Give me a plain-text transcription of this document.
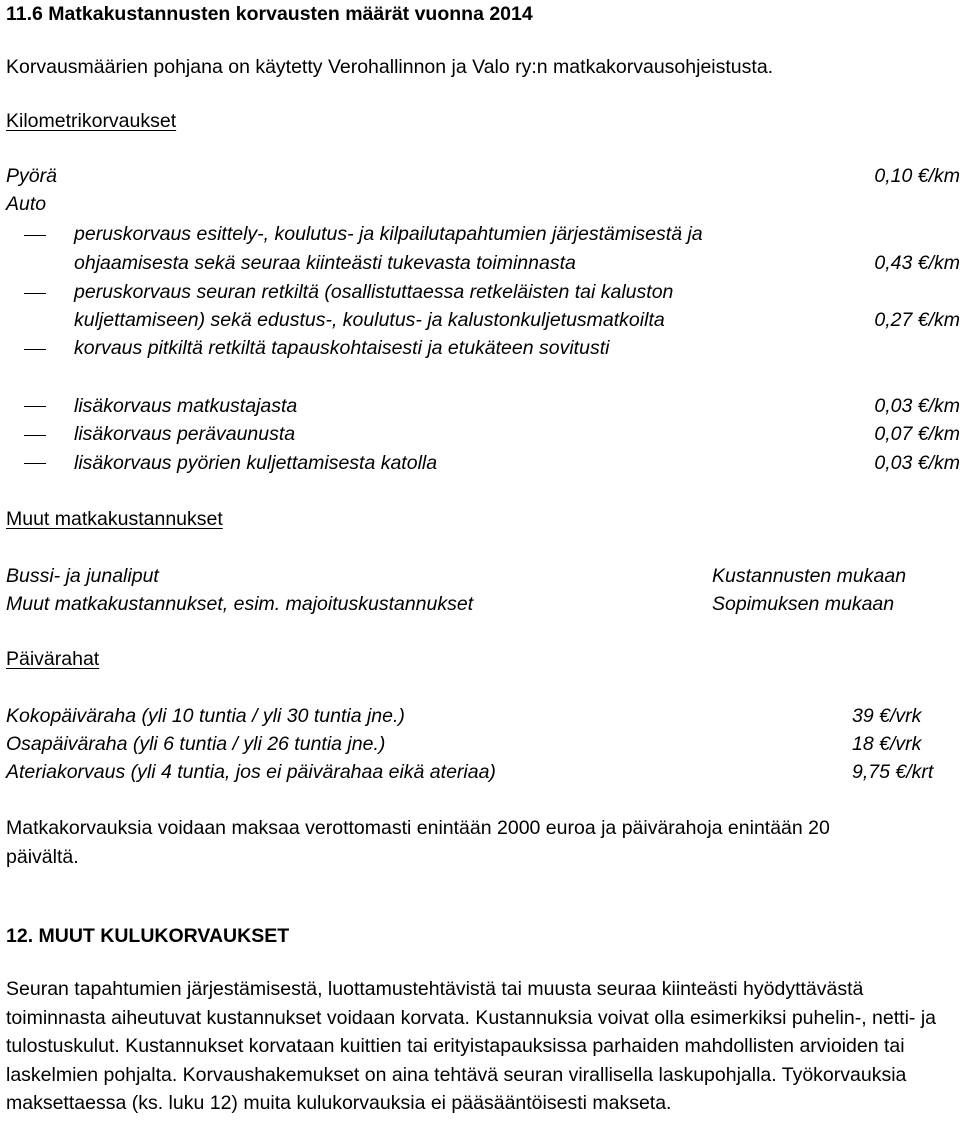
11.6 Matkakustannusten korvausten määrät vuonna 2014
Korvausmäärien pohjana on käytetty Verohallinnon ja Valo ry:n matkakorvausohjeistusta.
Kilometrikorvaukset
Pyörä	0,10 €/km
Auto
peruskorvaus esittely-, koulutus- ja kilpailutapahtumien järjestämisestä ja
ohjaamisesta sekä seuraa kiinteästi tukevasta toiminnasta	0,43 €/km
peruskorvaus seuran retkiltä (osallistuttaessa retkeläisten tai kaluston
kuljettamiseen) sekä edustus-, koulutus- ja kalustonkuljetusmatkoilta	0,27 €/km
korvaus pitkiltä retkiltä tapauskohtaisesti ja etukäteen sovitusti
lisäkorvaus matkustajasta	0,03 €/km
lisäkorvaus perävaunusta	0,07 €/km
lisäkorvaus pyörien kuljettamisesta katolla	0,03 €/km
Muut matkakustannukset
Bussi- ja junaliput	Kustannusten mukaan
Muut matkakustannukset, esim. majoituskustannukset	Sopimuksen mukaan
Päivärahat
Kokopäiväraha (yli 10 tuntia / yli 30 tuntia jne.)	39 €/vrk
Osapäiväraha (yli 6 tuntia / yli 26 tuntia jne.)	18 €/vrk
Ateriakorvaus (yli 4 tuntia, jos ei päivärahaa eikä ateriaa)	9,75 €/krt

Matkakorvauksia voidaan maksaa verottomasti enintään 2000 euroa ja päivärahoja enintään 20 päivältä.

12. MUUT KULUKORVAUKSET

Seuran tapahtumien järjestämisestä, luottamustehtävistä tai muusta seuraa kiinteästi hyödyttävästä toiminnasta aiheutuvat kustannukset voidaan korvata. Kustannuksia voivat olla esimerkiksi puhelin-, netti- ja tulostuskulut. Kustannukset korvataan kuittien tai erityistapauksissa parhaiden mahdollisten arvioiden tai laskelmien pohjalta. Korvaushakemukset on aina tehtävä seuran virallisella laskupohjalla. Työkorvauksia maksettaessa (ks. luku 12) muita kulukorvauksia ei pääsääntöisesti makseta.
